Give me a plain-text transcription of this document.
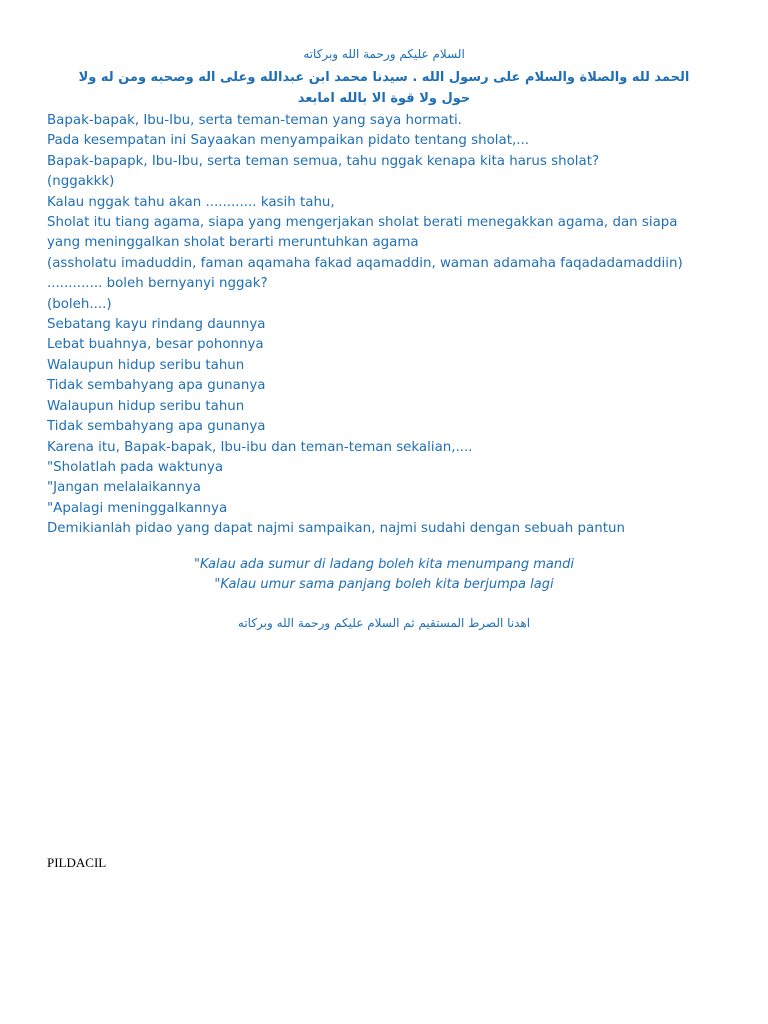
السلام عليكم ورحمة الله وبركاته
الحمد لله والصلاة والسلام على رسول الله . سيدنا محمد ابن عبدالله وعلى اله وصحبه ومن له ولا
حول ولا قوة الا بالله امابعد
Bapak-bapak, Ibu-Ibu, serta teman-teman yang saya hormati.
Pada kesempatan ini Sayaakan menyampaikan pidato tentang sholat,...
Bapak-bapapk, Ibu-Ibu, serta teman semua, tahu nggak kenapa kita harus sholat?
(nggakkk)
Kalau nggak tahu akan ............ kasih tahu,
Sholat itu tiang agama, siapa yang mengerjakan sholat berati menegakkan agama, dan siapa
yang meninggalkan sholat berarti meruntuhkan agama
(assholatu imaduddin, faman aqamaha fakad aqamaddin, waman adamaha faqadadamaddiin)
............. boleh bernyanyi nggak?
(boleh....)
Sebatang kayu rindang daunnya
Lebat buahnya, besar pohonnya
Walaupun hidup seribu tahun
Tidak sembahyang apa gunanya
Walaupun hidup seribu tahun
Tidak sembahyang apa gunanya
Karena itu, Bapak-bapak, Ibu-ibu dan teman-teman sekalian,....
"Sholatlah pada waktunya
"Jangan melalaikannya
"Apalagi meninggalkannya
Demikianlah pidao yang dapat najmi sampaikan, najmi sudahi dengan sebuah pantun
"Kalau ada sumur di ladang boleh kita menumpang mandi
"Kalau umur sama panjang boleh kita berjumpa lagi
اهدنا الصرط المستقيم ثم السلام عليكم ورحمة الله وبركاته
PILDACIL
